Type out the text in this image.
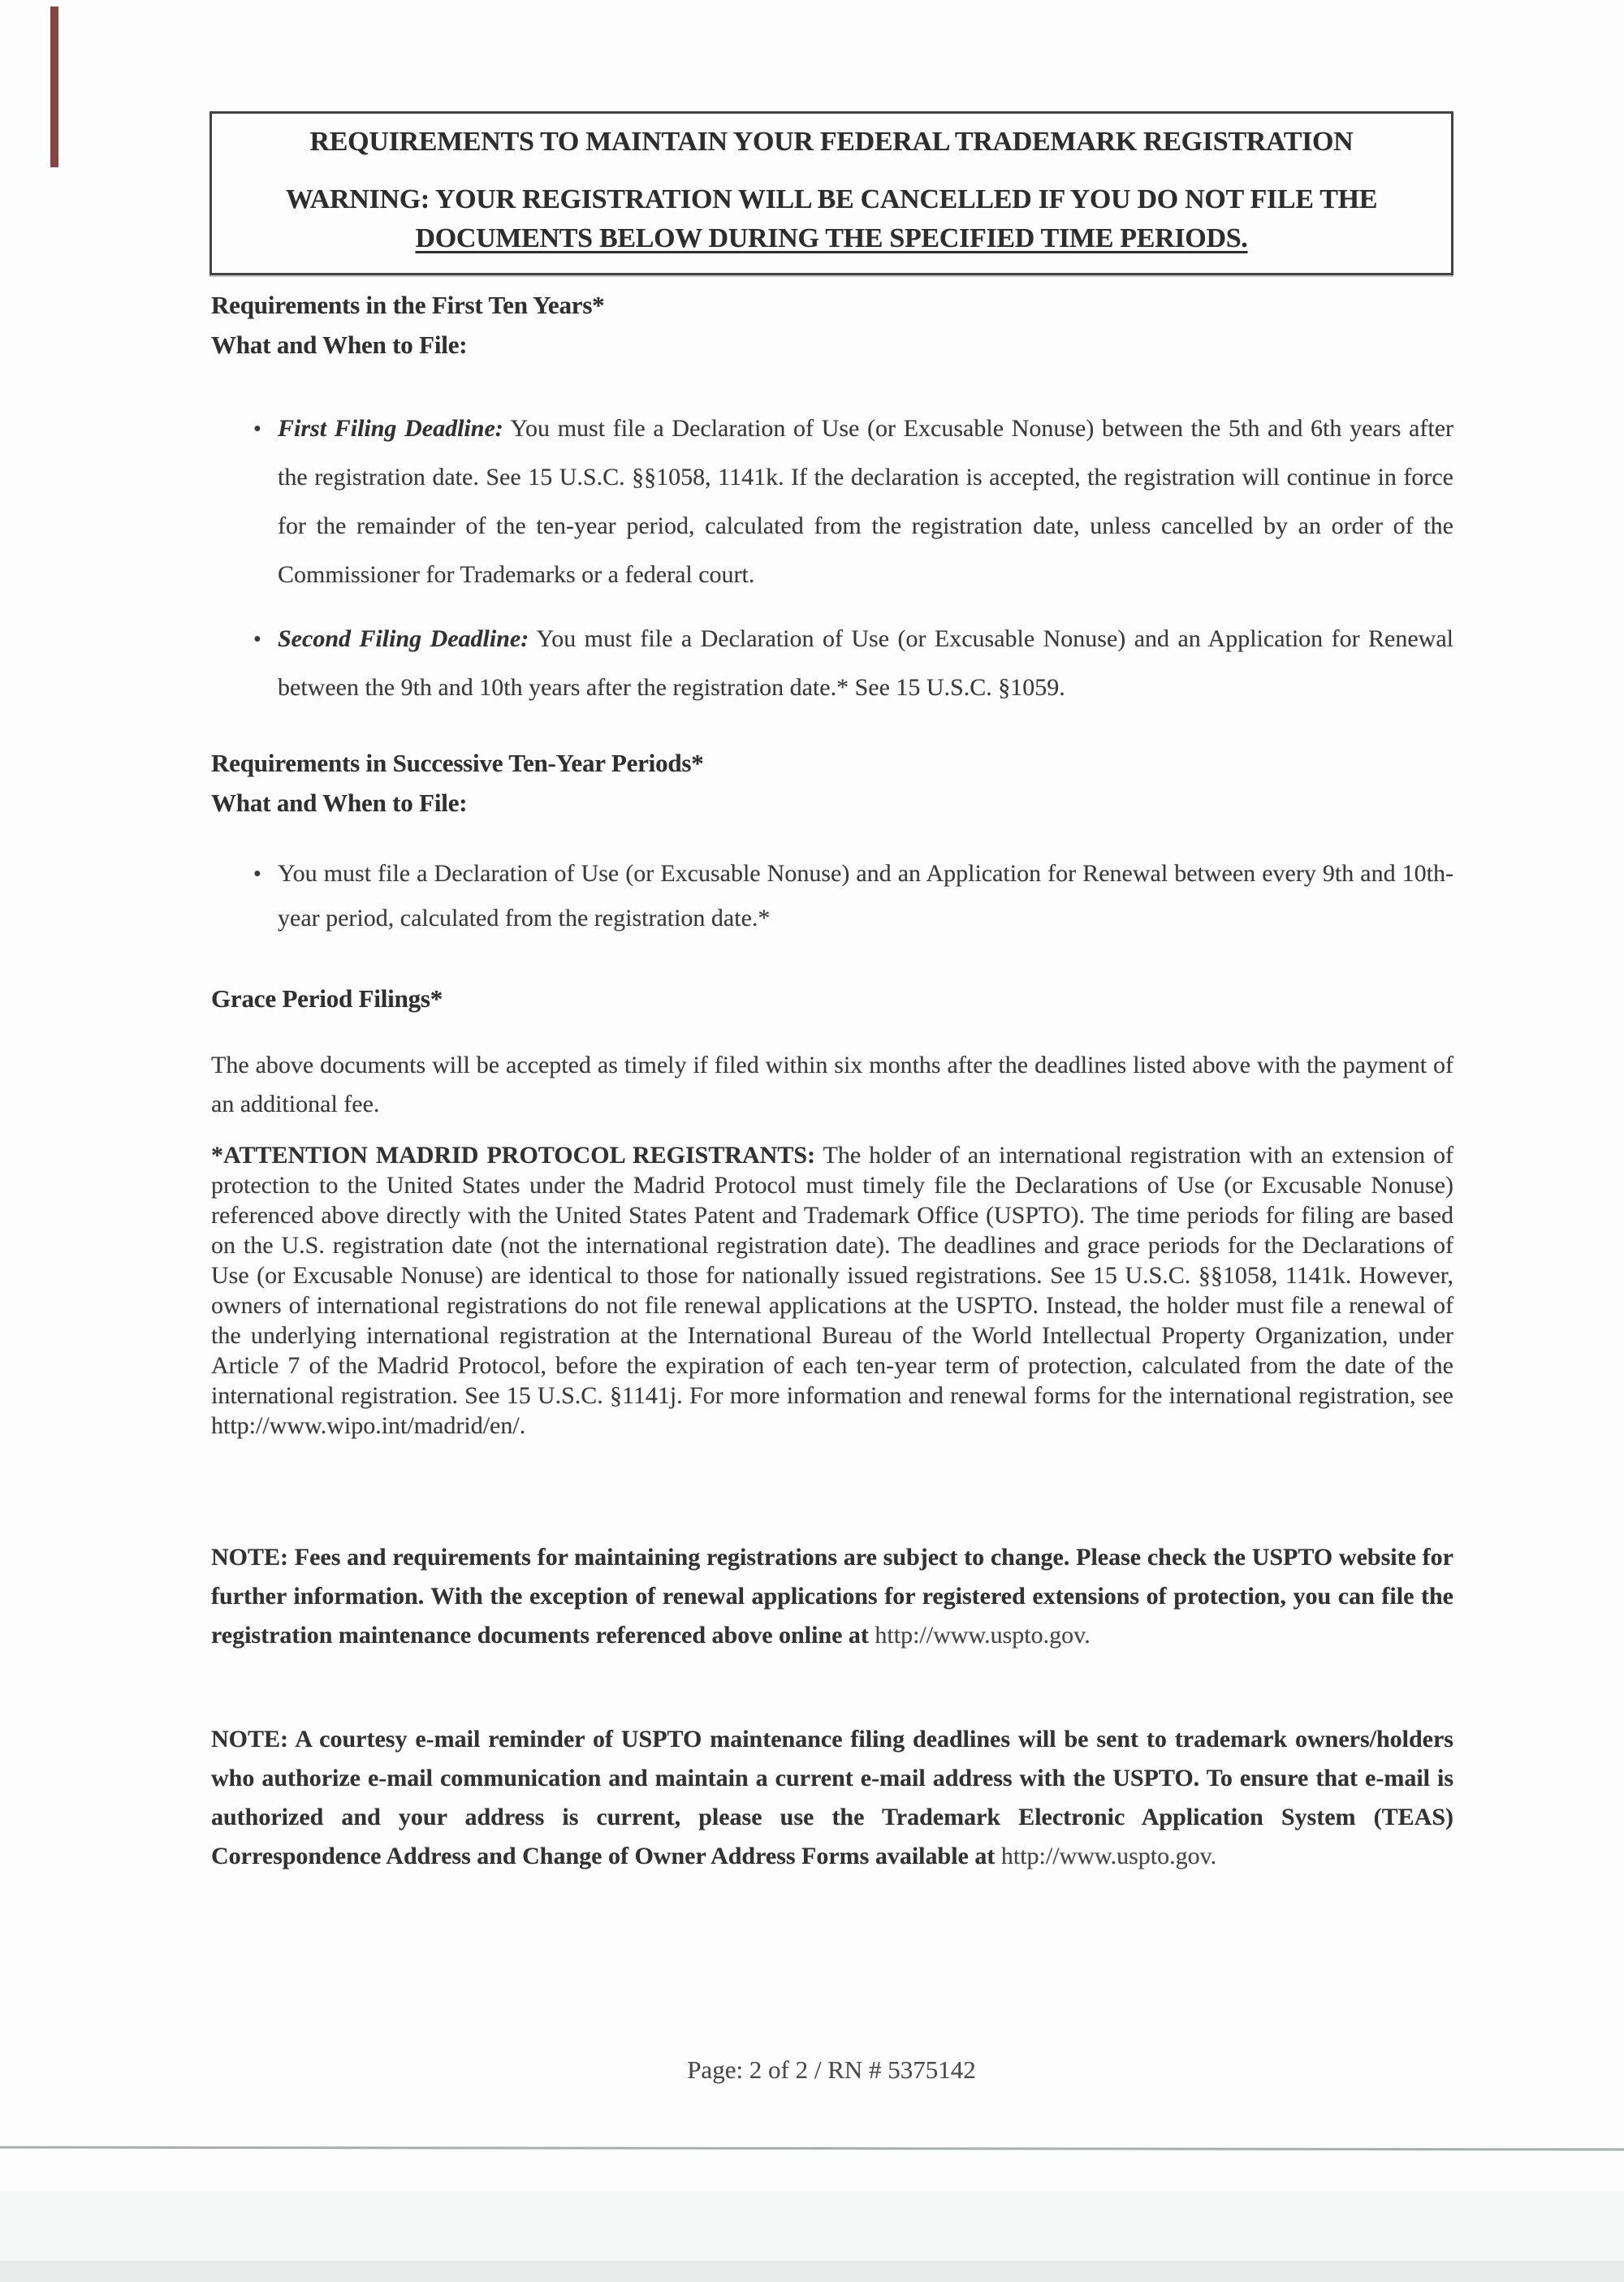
REQUIREMENTS TO MAINTAIN YOUR FEDERAL TRADEMARK REGISTRATION
WARNING: YOUR REGISTRATION WILL BE CANCELLED IF YOU DO NOT FILE THE
DOCUMENTS BELOW DURING THE SPECIFIED TIME PERIODS.
Requirements in the First Ten Years*
What and When to File:
• First Filing Deadline: You must file a Declaration of Use (or Excusable Nonuse) between the 5th and 6th years after the registration date. See 15 U.S.C. §§1058, 1141k. If the declaration is accepted, the registration will continue in force for the remainder of the ten-year period, calculated from the registration date, unless cancelled by an order of the Commissioner for Trademarks or a federal court.
• Second Filing Deadline: You must file a Declaration of Use (or Excusable Nonuse) and an Application for Renewal between the 9th and 10th years after the registration date.* See 15 U.S.C. §1059.
Requirements in Successive Ten-Year Periods*
What and When to File:
• You must file a Declaration of Use (or Excusable Nonuse) and an Application for Renewal between every 9th and 10th-year period, calculated from the registration date.*
Grace Period Filings*
The above documents will be accepted as timely if filed within six months after the deadlines listed above with the payment of an additional fee.
*ATTENTION MADRID PROTOCOL REGISTRANTS: The holder of an international registration with an extension of protection to the United States under the Madrid Protocol must timely file the Declarations of Use (or Excusable Nonuse) referenced above directly with the United States Patent and Trademark Office (USPTO). The time periods for filing are based on the U.S. registration date (not the international registration date). The deadlines and grace periods for the Declarations of Use (or Excusable Nonuse) are identical to those for nationally issued registrations. See 15 U.S.C. §§1058, 1141k. However, owners of international registrations do not file renewal applications at the USPTO. Instead, the holder must file a renewal of the underlying international registration at the International Bureau of the World Intellectual Property Organization, under Article 7 of the Madrid Protocol, before the expiration of each ten-year term of protection, calculated from the date of the international registration. See 15 U.S.C. §1141j. For more information and renewal forms for the international registration, see http://www.wipo.int/madrid/en/.
NOTE: Fees and requirements for maintaining registrations are subject to change. Please check the USPTO website for further information. With the exception of renewal applications for registered extensions of protection, you can file the registration maintenance documents referenced above online at http://www.uspto.gov.
NOTE: A courtesy e-mail reminder of USPTO maintenance filing deadlines will be sent to trademark owners/holders who authorize e-mail communication and maintain a current e-mail address with the USPTO. To ensure that e-mail is authorized and your address is current, please use the Trademark Electronic Application System (TEAS) Correspondence Address and Change of Owner Address Forms available at http://www.uspto.gov.
Page: 2 of 2 / RN # 5375142
